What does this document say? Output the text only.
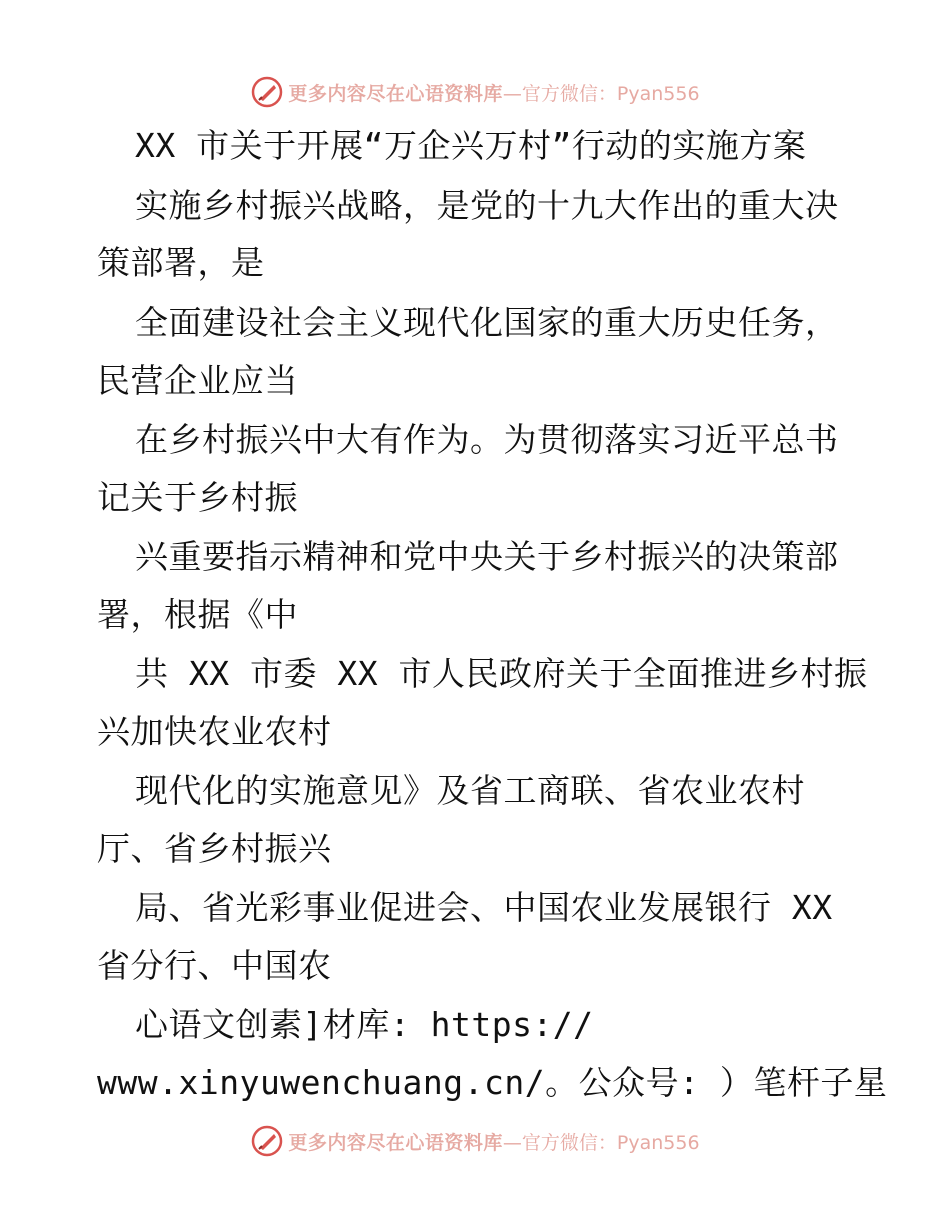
更多内容尽在心语资料库 —官方微信：Pyan556
XX 市关于开展“万企兴万村”行动的实施方案
实施乡村振兴战略，是党的十九大作出的重大决
策部署，是
全面建设社会主义现代化国家的重大历史任务，
民营企业应当
在乡村振兴中大有作为。为贯彻落实习近平总书
记关于乡村振
兴重要指示精神和党中央关于乡村振兴的决策部
署，根据《中
共 XX 市委 XX 市人民政府关于全面推进乡村振
兴加快农业农村
现代化的实施意见》及省工商联、省农业农村
厅、省乡村振兴
局、省光彩事业促进会、中国农业发展银行 XX
省分行、中国农
心语文创素]材库: https://
www.xinyuwenchuang.cn/。公众号: ）笔杆子星
更多内容尽在心语资料库 —官方微信：Pyan556
